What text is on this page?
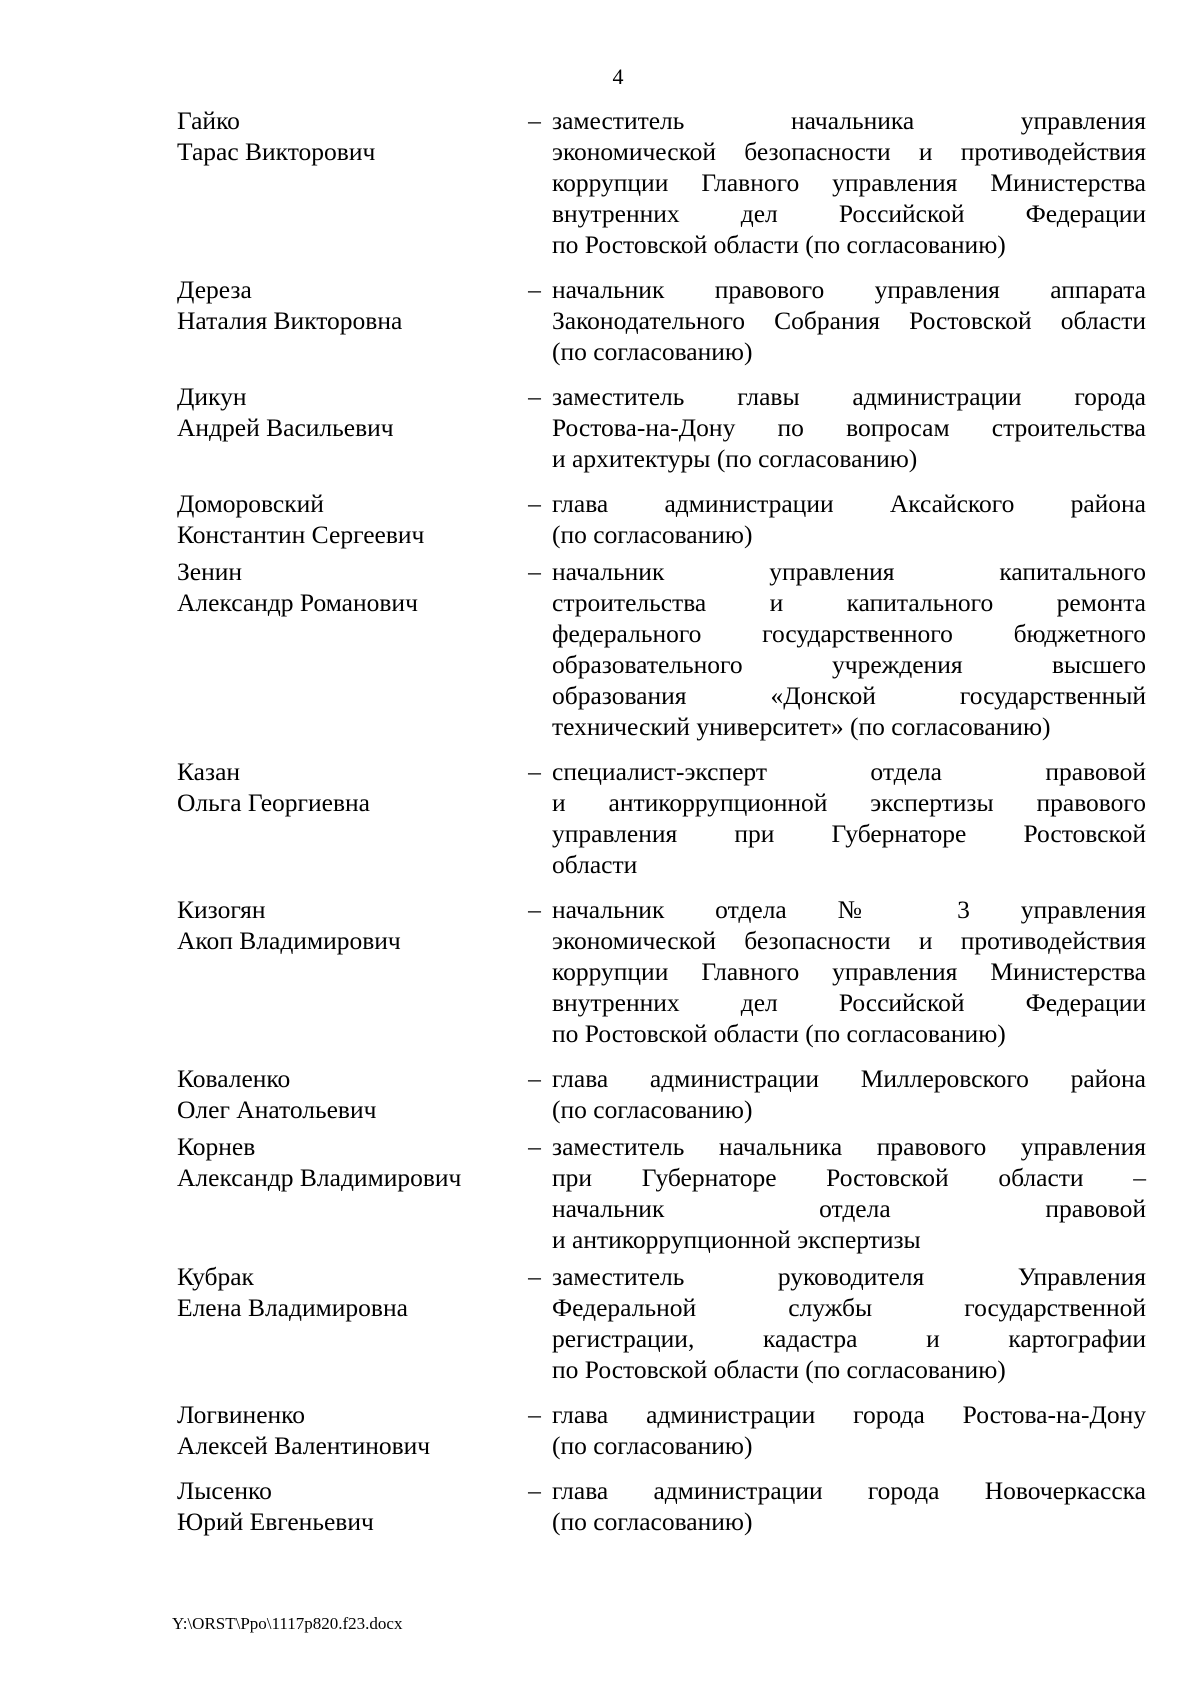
4
Гайко
Тарас Викторович
– заместитель начальника управления
экономической безопасности и противодействия
коррупции Главного управления Министерства
внутренних дел Российской Федерации
по Ростовской области (по согласованию)
Дереза
Наталия Викторовна
– начальник правового управления аппарата
Законодательного Собрания Ростовской области
(по согласованию)
Дикун
Андрей Васильевич
– заместитель главы администрации города
Ростова-на-Дону по вопросам строительства
и архитектуры (по согласованию)
Доморовский
Константин Сергеевич
– глава администрации Аксайского района
(по согласованию)
Зенин
Александр Романович
– начальник управления капитального
строительства и капитального ремонта
федерального государственного бюджетного
образовательного учреждения высшего
образования «Донской государственный
технический университет» (по согласованию)
Казан
Ольга Георгиевна
– специалист-эксперт отдела правовой
и антикоррупционной экспертизы правового
управления при Губернаторе Ростовской
области
Кизогян
Акоп Владимирович
– начальник отдела № 3 управления
экономической безопасности и противодействия
коррупции Главного управления Министерства
внутренних дел Российской Федерации
по Ростовской области (по согласованию)
Коваленко
Олег Анатольевич
– глава администрации Миллеровского района
(по согласованию)
Корнев
Александр Владимирович
– заместитель начальника правового управления
при Губернаторе Ростовской области –
начальник отдела правовой
и антикоррупционной экспертизы
Кубрак
Елена Владимировна
– заместитель руководителя Управления
Федеральной службы государственной
регистрации, кадастра и картографии
по Ростовской области (по согласованию)
Логвиненко
Алексей Валентинович
– глава администрации города Ростова-на-Дону
(по согласованию)
Лысенко
Юрий Евгеньевич
– глава администрации города Новочеркасска
(по согласованию)
Y:\ORST\Ppo\1117p820.f23.docx
